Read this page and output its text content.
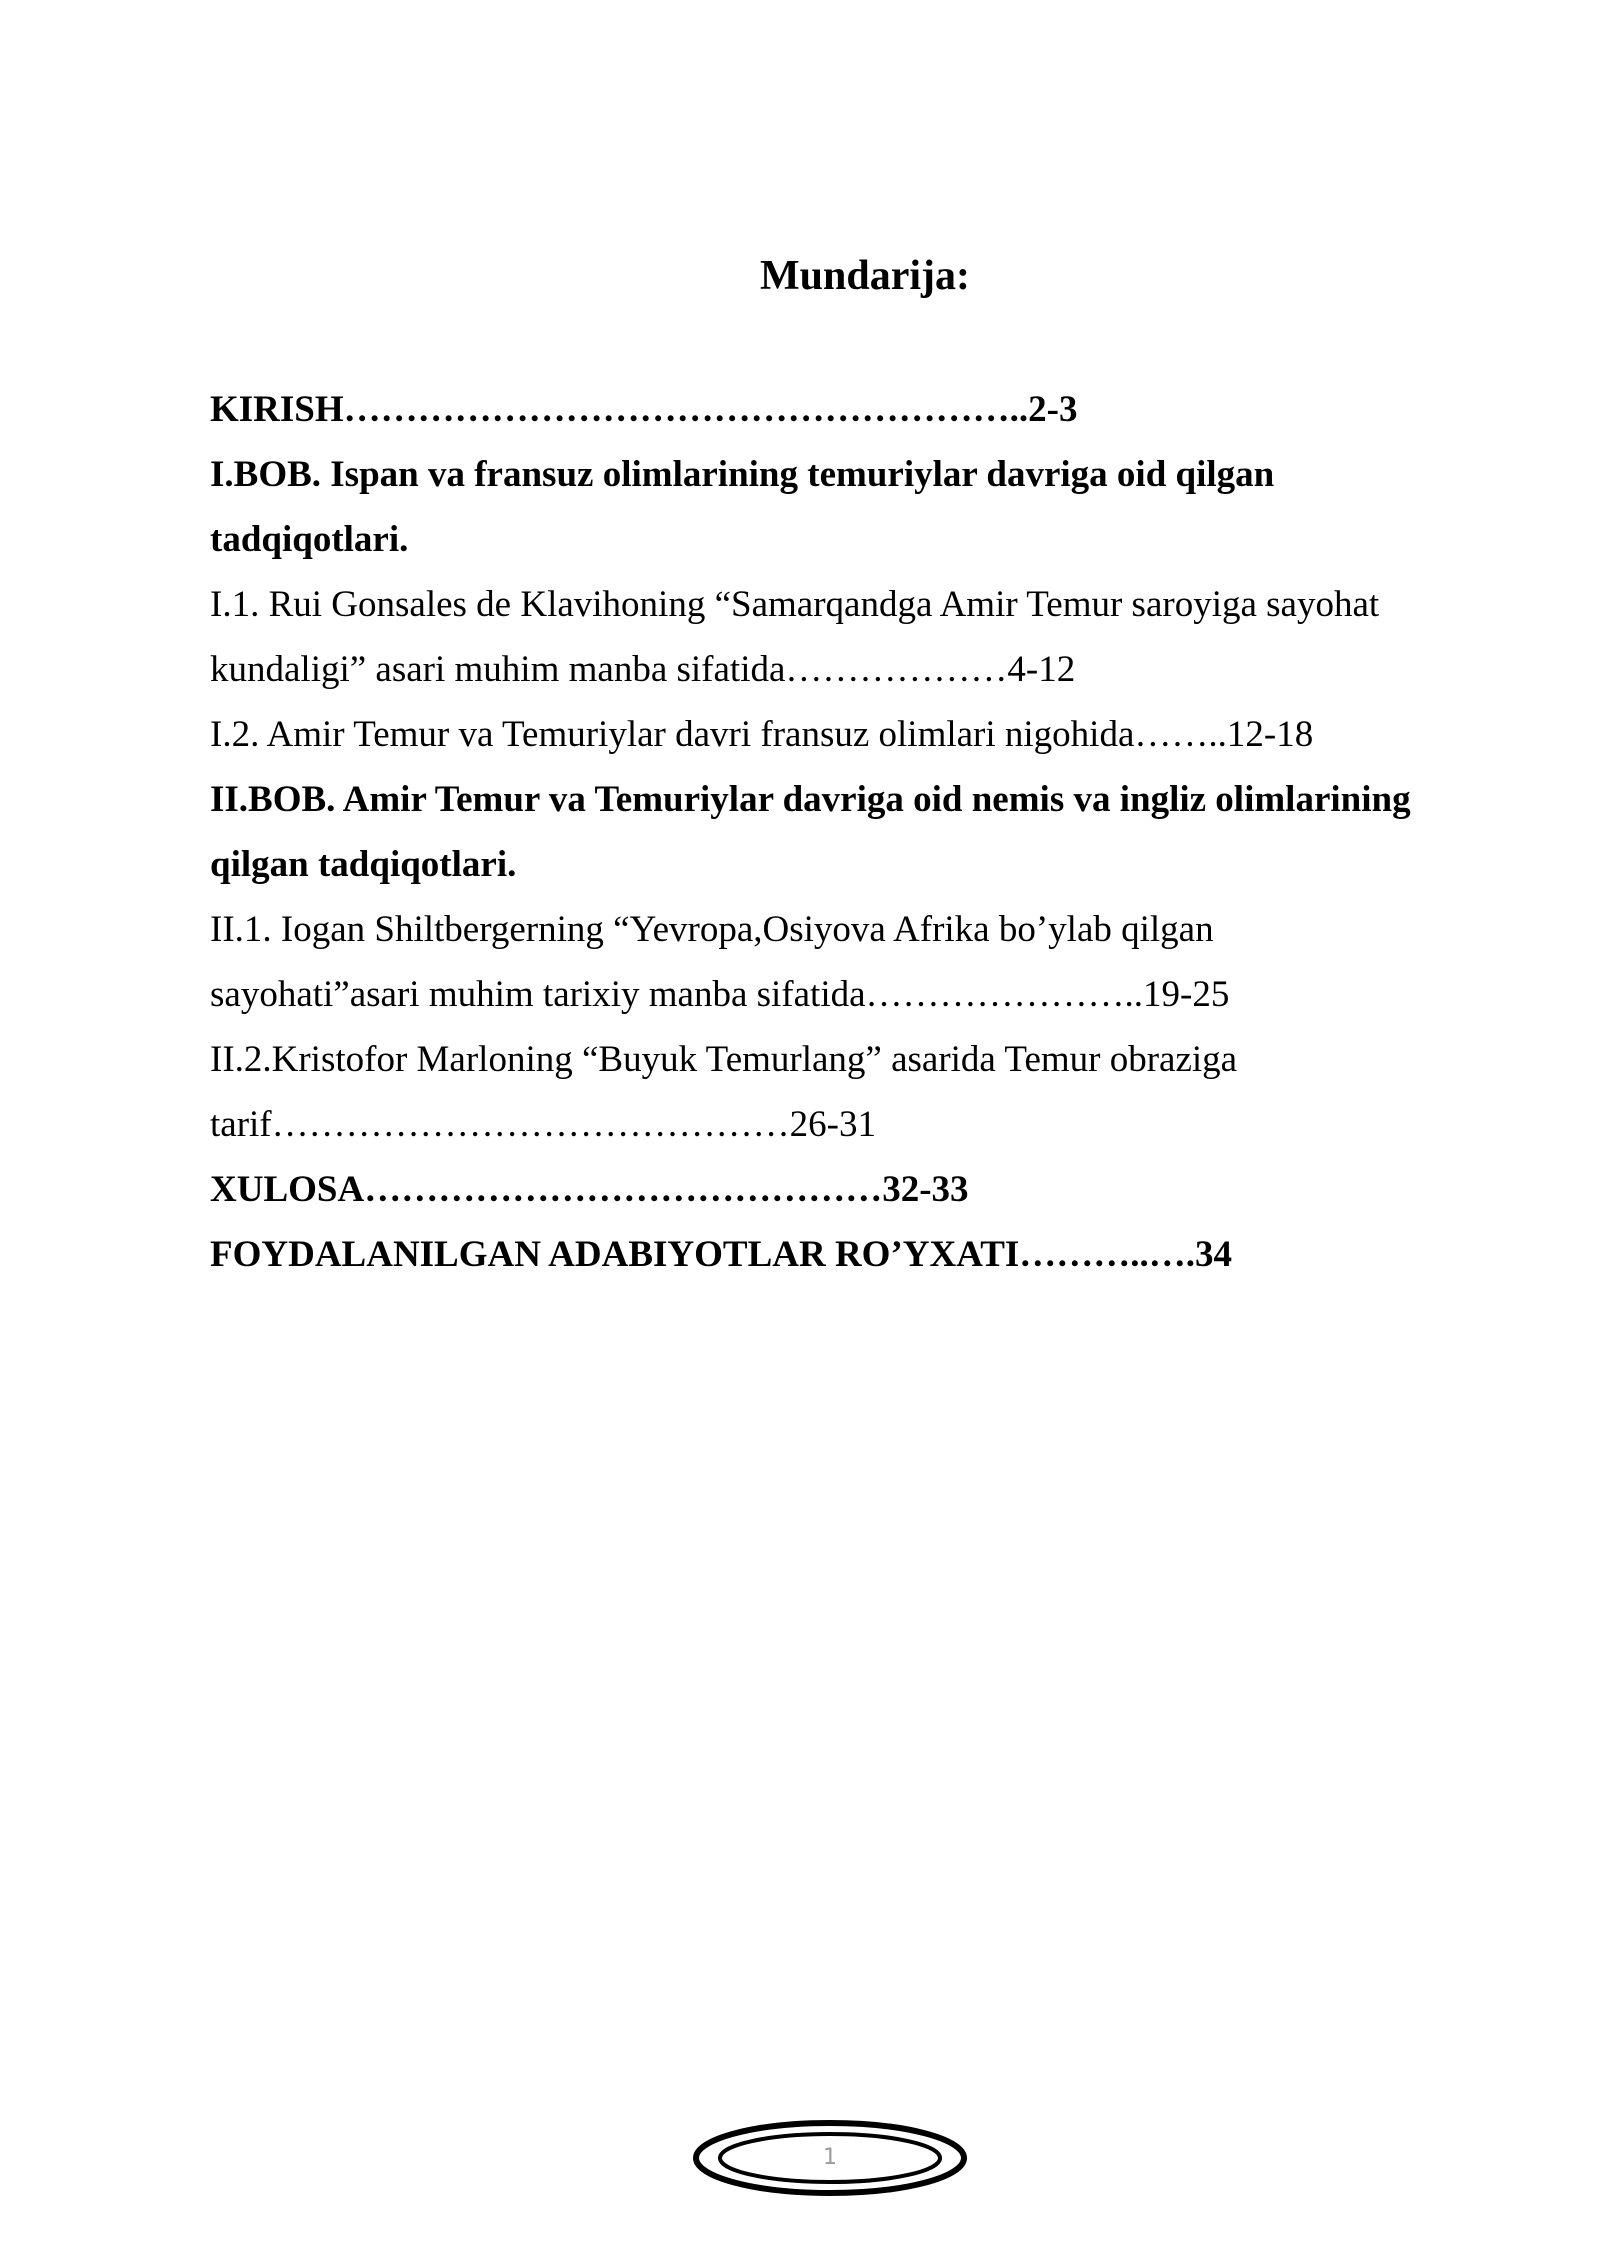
Mundarija:
KIRISH………………………………………………..2-3
I.BOB. Ispan va fransuz olimlarining temuriylar davriga oid qilgan
tadqiqotlari.
I.1. Rui Gonsales de Klavihoning “Samarqandga Amir Temur saroyiga sayohat
kundaligi” asari muhim manba sifatida………………4-12
I.2. Amir Temur va Temuriylar davri fransuz olimlari nigohida……..12-18
II.BOB. Amir Temur va Temuriylar davriga oid nemis va ingliz olimlarining
qilgan tadqiqotlari.
II.1. Iogan Shiltbergerning “Yevropa,Osiyova Afrika bo’ylab qilgan
sayohati”asari muhim tarixiy manba sifatida…………………..19-25
II.2.Kristofor Marloning “Buyuk Temurlang” asarida Temur obraziga
tarif……………………………………26-31
XULOSA……………………………………32-33
FOYDALANILGAN ADABIYOTLAR RO’YXATI………..….34
1
